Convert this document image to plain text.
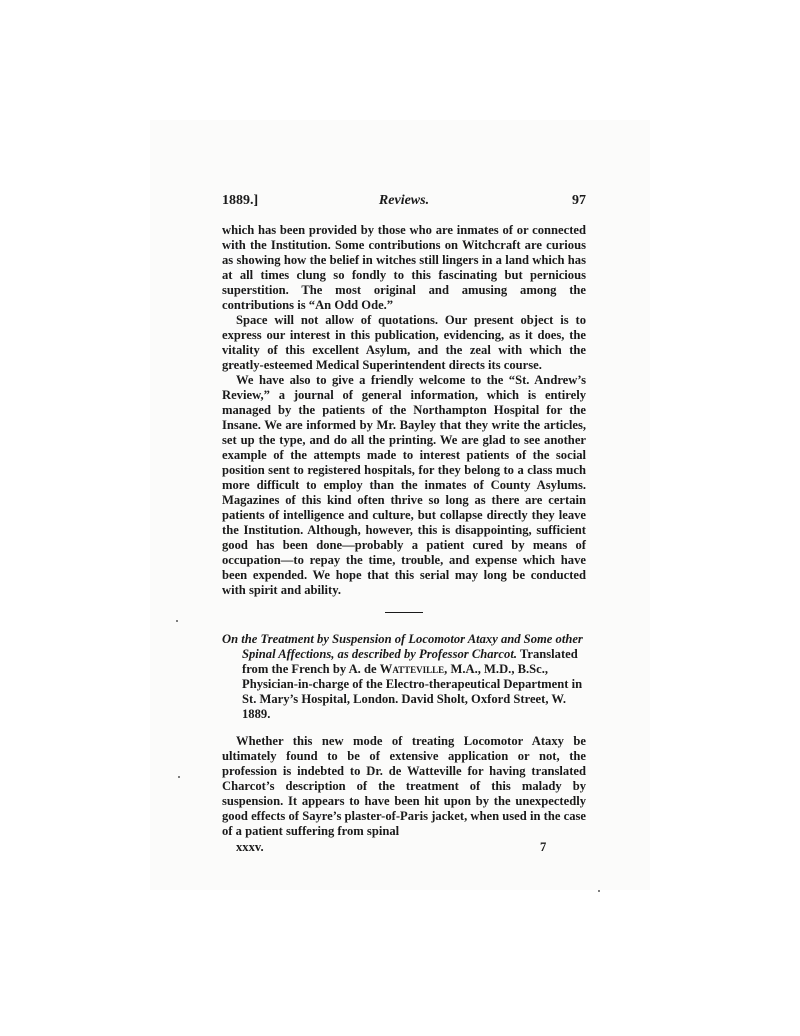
1889.]	Reviews.	97

which has been provided by those who are inmates of or connected with the Institution. Some contributions on Witchcraft are curious as showing how the belief in witches still lingers in a land which has at all times clung so fondly to this fascinating but pernicious superstition. The most original and amusing among the contributions is “An Odd Ode.”

Space will not allow of quotations. Our present object is to express our interest in this publication, evidencing, as it does, the vitality of this excellent Asylum, and the zeal with which the greatly-esteemed Medical Superintendent directs its course.

We have also to give a friendly welcome to the “St. Andrew’s Review,” a journal of general information, which is entirely managed by the patients of the Northampton Hospital for the Insane. We are informed by Mr. Bayley that they write the articles, set up the type, and do all the printing. We are glad to see another example of the attempts made to interest patients of the social position sent to registered hospitals, for they belong to a class much more difficult to employ than the inmates of County Asylums. Magazines of this kind often thrive so long as there are certain patients of intelligence and culture, but collapse directly they leave the Institution. Although, however, this is disappointing, sufficient good has been done—probably a patient cured by means of occupation—to repay the time, trouble, and expense which have been expended. We hope that this serial may long be conducted with spirit and ability.

On the Treatment by Suspension of Locomotor Ataxy and Some other Spinal Affections, as described by Professor Charcot. Translated from the French by A. de Watteville, M.A., M.D., B.Sc., Physician-in-charge of the Electro-therapeutical Department in St. Mary’s Hospital, London. David Sholt, Oxford Street, W. 1889.

Whether this new mode of treating Locomotor Ataxy be ultimately found to be of extensive application or not, the profession is indebted to Dr. de Watteville for having translated Charcot’s description of the treatment of this malady by suspension. It appears to have been hit upon by the unexpectedly good effects of Sayre’s plaster-of-Paris jacket, when used in the case of a patient suffering from spinal

xxxv.	7
